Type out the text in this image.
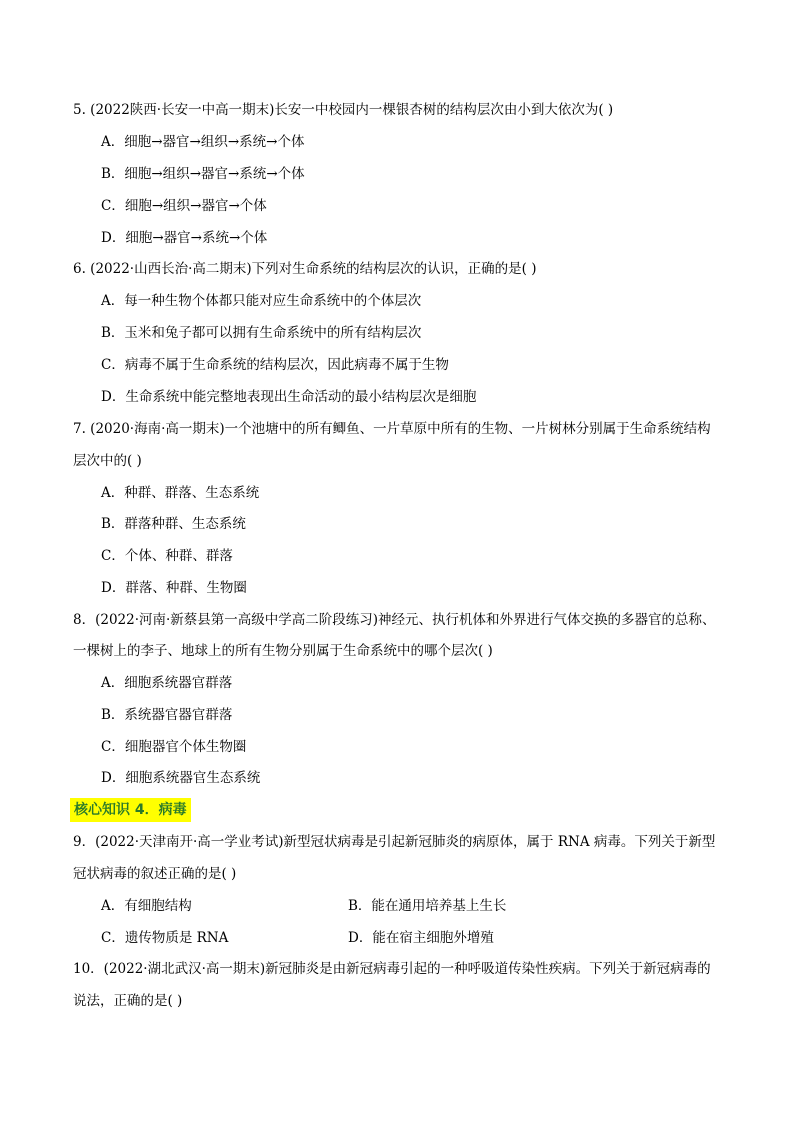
5. (2022陕西·长安一中高一期末)长安一中校园内一棵银杏树的结构层次由小到大依次为( )
A．细胞→器官→组织→系统→个体
B．细胞→组织→器官→系统→个体
C．细胞→组织→器官→个体
D．细胞→器官→系统→个体
6. (2022·山西长治·高二期末)下列对生命系统的结构层次的认识，正确的是( )
A．每一种生物个体都只能对应生命系统中的个体层次
B．玉米和兔子都可以拥有生命系统中的所有结构层次
C．病毒不属于生命系统的结构层次，因此病毒不属于生物
D．生命系统中能完整地表现出生命活动的最小结构层次是细胞
7. (2020·海南·高一期末)一个池塘中的所有鲫鱼、一片草原中所有的生物、一片树林分别属于生命系统结构
层次中的( )
A．种群、群落、生态系统
B．群落种群、生态系统
C．个体、种群、群落
D．群落、种群、生物圈
8．(2022·河南·新蔡县第一高级中学高二阶段练习)神经元、执行机体和外界进行气体交换的多器官的总称、
一棵树上的李子、地球上的所有生物分别属于生命系统中的哪个层次( )
A．细胞系统器官群落
B．系统器官器官群落
C．细胞器官个体生物圈
D．细胞系统器官生态系统
核心知识 4．病毒
9．(2022·天津南开·高一学业考试)新型冠状病毒是引起新冠肺炎的病原体，属于 RNA 病毒。下列关于新型
冠状病毒的叙述正确的是( )
A．有细胞结构	B．能在通用培养基上生长
C．遗传物质是 RNA	D．能在宿主细胞外增殖
10．(2022·湖北武汉·高一期末)新冠肺炎是由新冠病毒引起的一种呼吸道传染性疾病。下列关于新冠病毒的
说法，正确的是( )
